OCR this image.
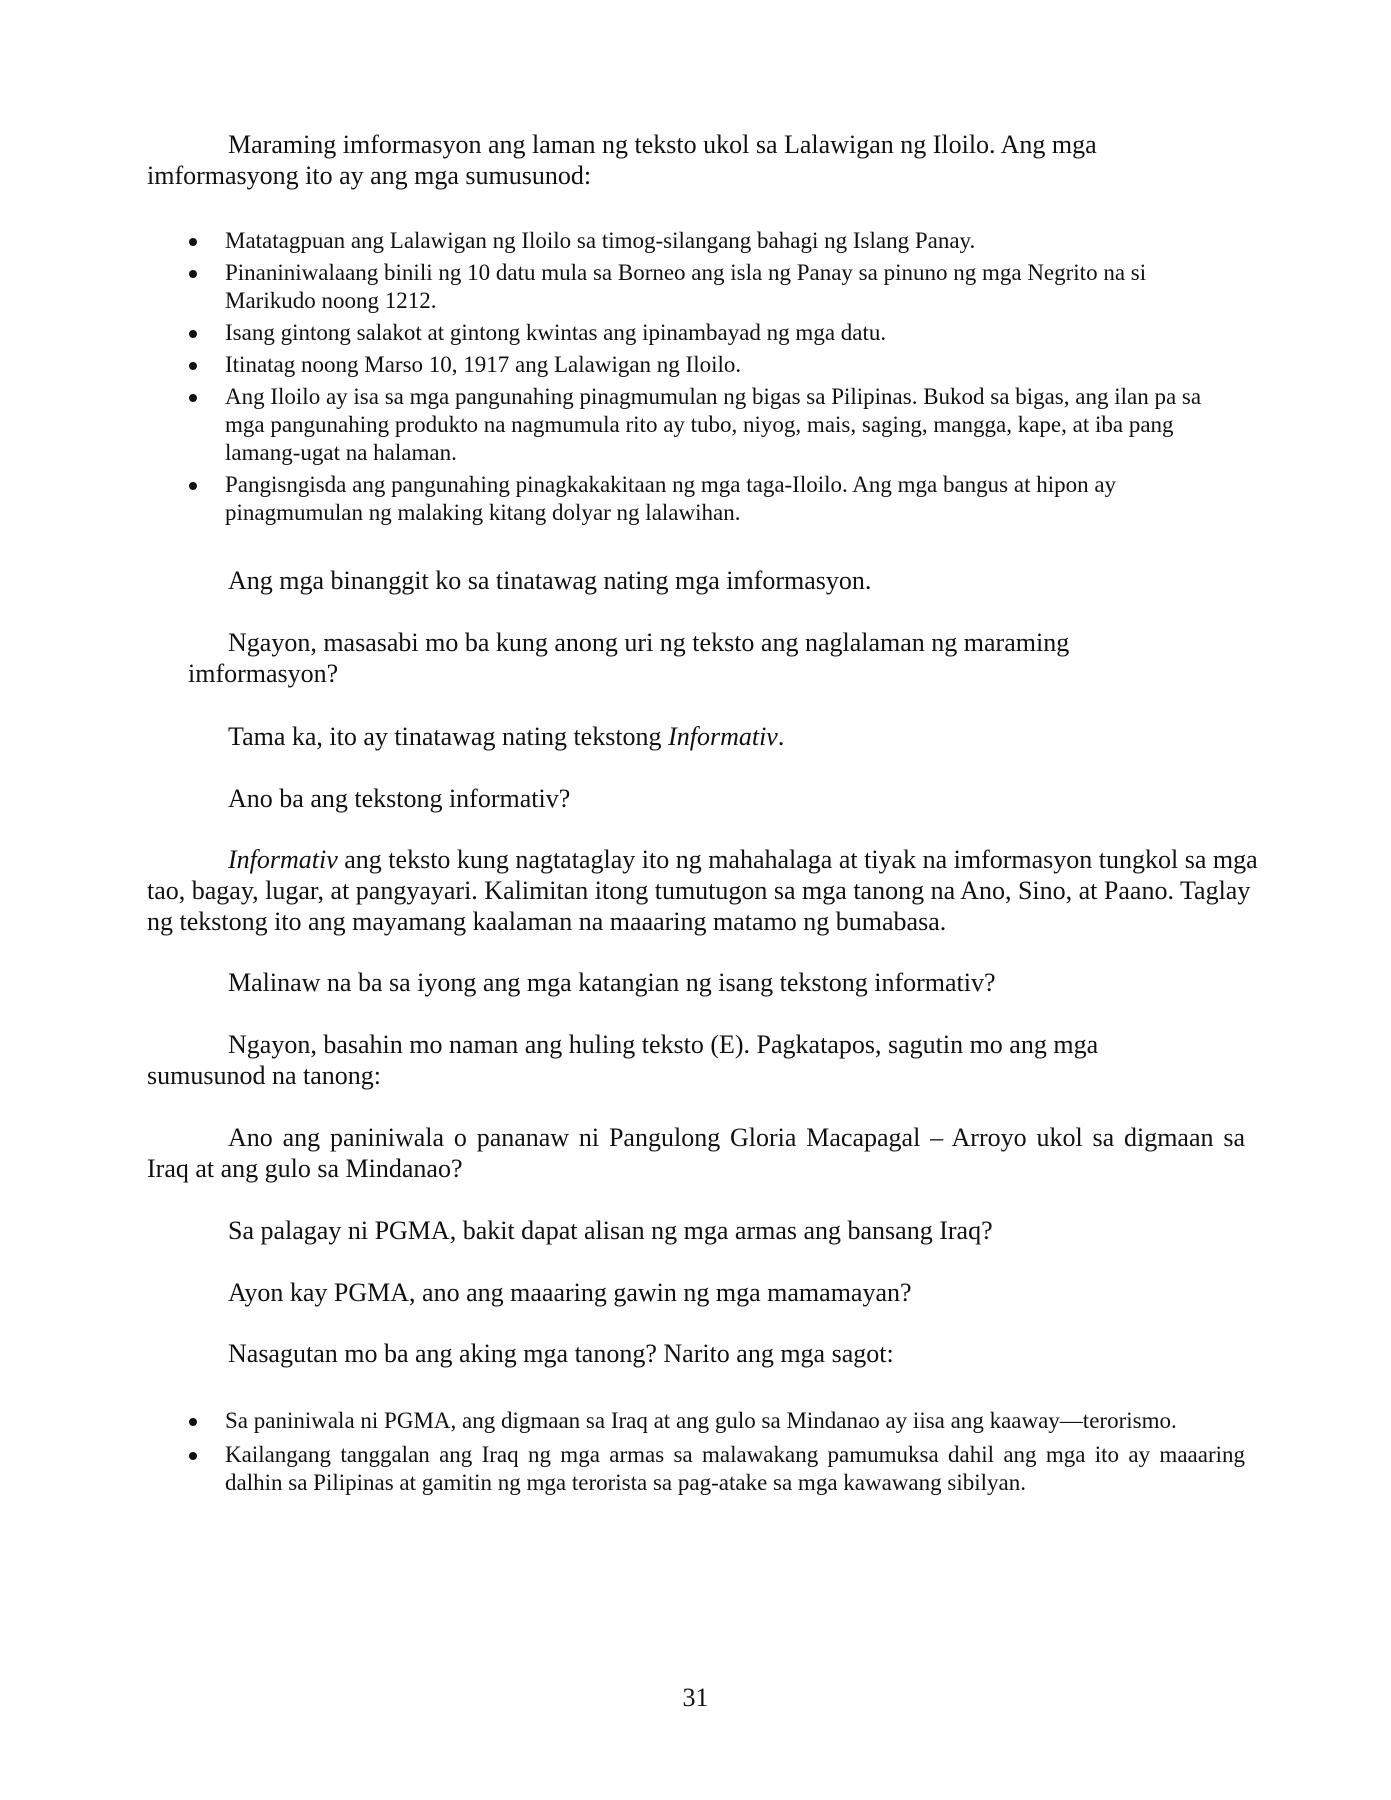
Maraming imformasyon ang laman ng teksto ukol sa Lalawigan ng Iloilo. Ang mga imformasyong ito ay ang mga sumusunod:

Matatagpuan ang Lalawigan ng Iloilo sa timog-silangang bahagi ng Islang Panay.
Pinaniniwalaang binili ng 10 datu mula sa Borneo ang isla ng Panay sa pinuno ng mga Negrito na si Marikudo noong 1212.
Isang gintong salakot at gintong kwintas ang ipinambayad ng mga datu.
Itinatag noong Marso 10, 1917 ang Lalawigan ng Iloilo.
Ang Iloilo ay isa sa mga pangunahing pinagmumulan ng bigas sa Pilipinas. Bukod sa bigas, ang ilan pa sa mga pangunahing produkto na nagmumula rito ay tubo, niyog, mais, saging, mangga, kape, at iba pang lamang-ugat na halaman.
Pangisngisda ang pangunahing pinagkakakitaan ng mga taga-Iloilo. Ang mga bangus at hipon ay pinagmumulan ng malaking kitang dolyar ng lalawihan.

Ang mga binanggit ko sa tinatawag nating mga imformasyon.

Ngayon, masasabi mo ba kung anong uri ng teksto ang naglalaman ng maraming imformasyon?

Tama ka, ito ay tinatawag nating tekstong Informativ.

Ano ba ang tekstong informativ?

Informativ ang teksto kung nagtataglay ito ng mahahalaga at tiyak na imformasyon tungkol sa mga tao, bagay, lugar, at pangyayari. Kalimitan itong tumutugon sa mga tanong na Ano, Sino, at Paano. Taglay ng tekstong ito ang mayamang kaalaman na maaaring matamo ng bumabasa.

Malinaw na ba sa iyong ang mga katangian ng isang tekstong informativ?

Ngayon, basahin mo naman ang huling teksto (E). Pagkatapos, sagutin mo ang mga sumusunod na tanong:

Ano ang paniniwala o pananaw ni Pangulong Gloria Macapagal – Arroyo ukol sa digmaan sa Iraq at ang gulo sa Mindanao?

Sa palagay ni PGMA, bakit dapat alisan ng mga armas ang bansang Iraq?

Ayon kay PGMA, ano ang maaaring gawin ng mga mamamayan?

Nasagutan mo ba ang aking mga tanong? Narito ang mga sagot:

Sa paniniwala ni PGMA, ang digmaan sa Iraq at ang gulo sa Mindanao ay iisa ang kaaway—terorismo.
Kailangang tanggalan ang Iraq ng mga armas sa malawakang pamumuksa dahil ang mga ito ay maaaring dalhin sa Pilipinas at gamitin ng mga terorista sa pag-atake sa mga kawawang sibilyan.
31
